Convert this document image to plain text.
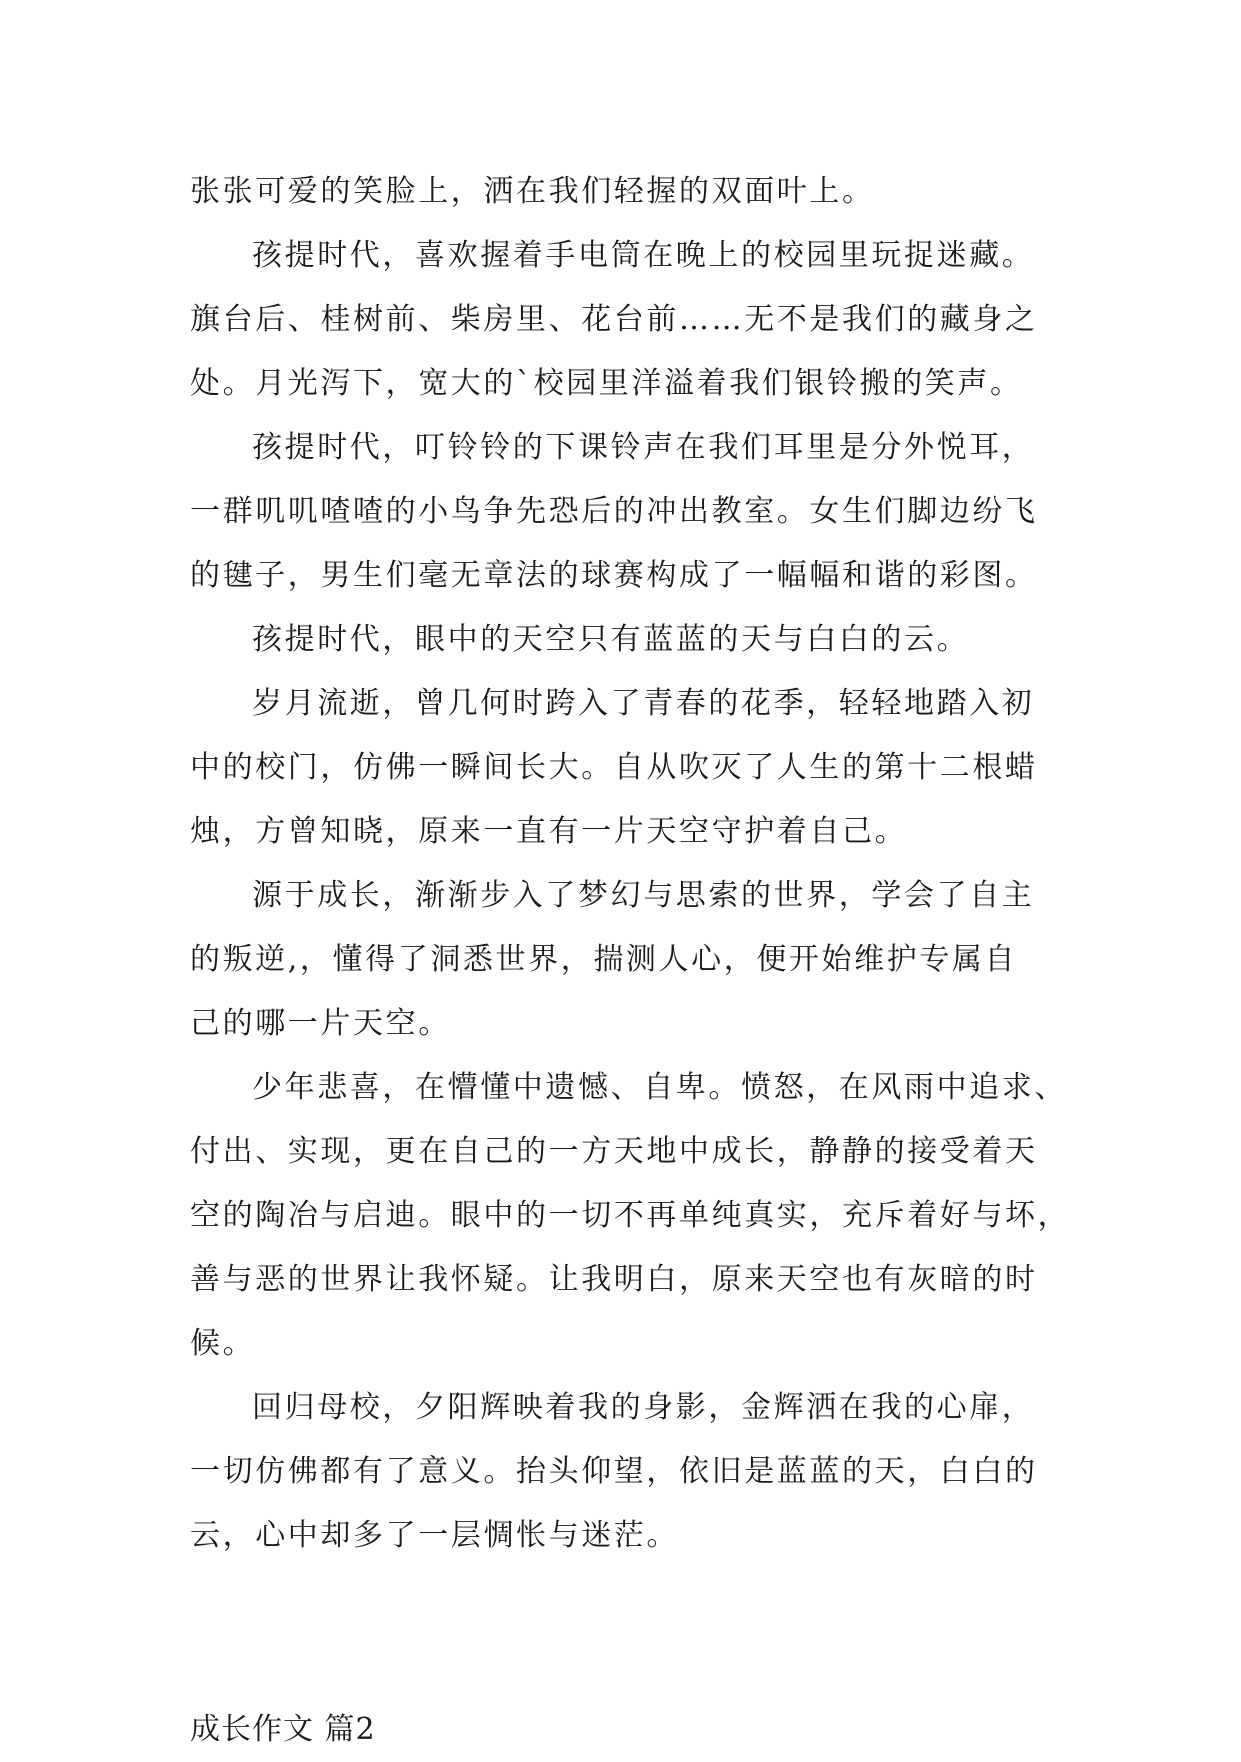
张张可爱的笑脸上，洒在我们轻握的双面叶上。
孩提时代，喜欢握着手电筒在晚上的校园里玩捉迷藏。
旗台后、桂树前、柴房里、花台前……无不是我们的藏身之
处。月光泻下，宽大的`校园里洋溢着我们银铃搬的笑声。
孩提时代，叮铃铃的下课铃声在我们耳里是分外悦耳，
一群叽叽喳喳的小鸟争先恐后的冲出教室。女生们脚边纷飞
的毽子，男生们毫无章法的球赛构成了一幅幅和谐的彩图。
孩提时代，眼中的天空只有蓝蓝的天与白白的云。
岁月流逝，曾几何时跨入了青春的花季，轻轻地踏入初
中的校门，仿佛一瞬间长大。自从吹灭了人生的第十二根蜡
烛，方曾知晓，原来一直有一片天空守护着自己。
源于成长，渐渐步入了梦幻与思索的世界，学会了自主
的叛逆,，懂得了洞悉世界，揣测人心，便开始维护专属自
己的哪一片天空。
少年悲喜，在懵懂中遗憾、自卑。愤怒，在风雨中追求、
付出、实现，更在自己的一方天地中成长，静静的接受着天
空的陶冶与启迪。眼中的一切不再单纯真实，充斥着好与坏，
善与恶的世界让我怀疑。让我明白，原来天空也有灰暗的时
候。
回归母校，夕阳辉映着我的身影，金辉洒在我的心扉，
一切仿佛都有了意义。抬头仰望，依旧是蓝蓝的天，白白的
云，心中却多了一层惆怅与迷茫。
成长作文 篇2
